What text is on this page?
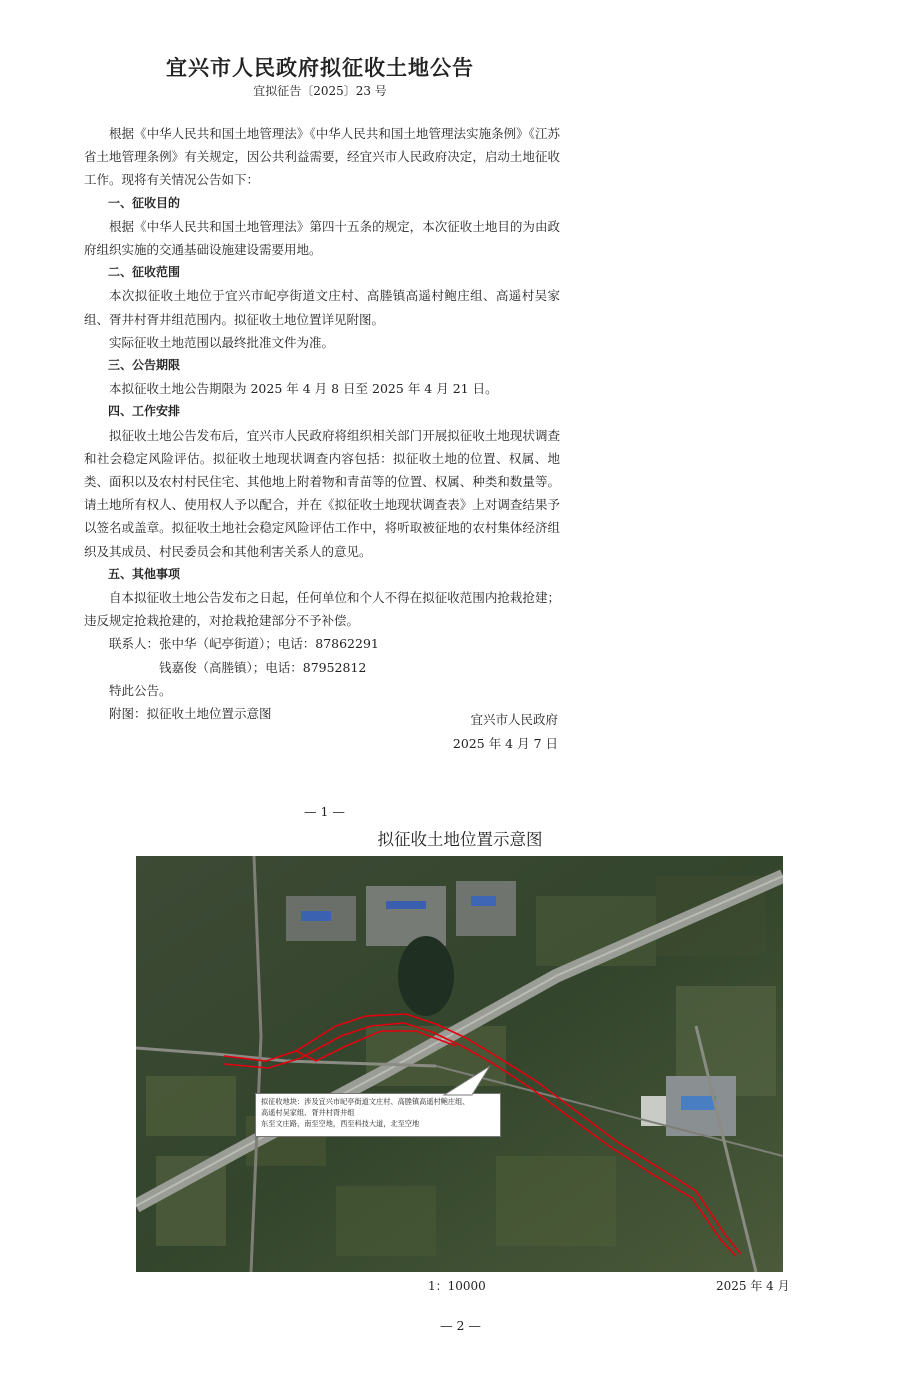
宜兴市人民政府拟征收土地公告
宜拟征告〔2025〕23 号

根据《中华人民共和国土地管理法》《中华人民共和国土地管理法实施条例》《江苏省土地管理条例》有关规定，因公共利益需要，经宜兴市人民政府决定，启动土地征收工作。现将有关情况公告如下：

一、征收目的

根据《中华人民共和国土地管理法》第四十五条的规定，本次征收土地目的为由政府组织实施的交通基础设施建设需要用地。

二、征收范围

本次拟征收土地位于宜兴市屺亭街道文庄村、高塍镇高遥村鲍庄组、高遥村吴家组、胥井村胥井组范围内。拟征收土地位置详见附图。

实际征收土地范围以最终批准文件为准。

三、公告期限

本拟征收土地公告期限为 2025 年 4 月 8 日至 2025 年 4 月 21 日。

四、工作安排

拟征收土地公告发布后，宜兴市人民政府将组织相关部门开展拟征收土地现状调查和社会稳定风险评估。拟征收土地现状调查内容包括：拟征收土地的位置、权属、地类、面积以及农村村民住宅、其他地上附着物和青苗等的位置、权属、种类和数量等。请土地所有权人、使用权人予以配合，并在《拟征收土地现状调查表》上对调查结果予以签名或盖章。拟征收土地社会稳定风险评估工作中，将听取被征地的农村集体经济组织及其成员、村民委员会和其他利害关系人的意见。

五、其他事项

自本拟征收土地公告发布之日起，任何单位和个人不得在拟征收范围内抢栽抢建；违反规定抢栽抢建的，对抢栽抢建部分不予补偿。

联系人：张中华（屺亭街道）；电话：87862291

钱嘉俊（高塍镇）；电话：87952812

特此公告。

附图：拟征收土地位置示意图	宜兴市人民政府
2025 年 4 月 7 日
— 1 —
拟征收土地位置示意图
拟征收地块：涉及宜兴市屺亭街道文庄村、高塍镇高遥村鲍庄组、
高遥村吴家组、胥井村胥井组
东至文庄路，南至空地，西至科技大道，北至空地
1：10000	2025 年 4 月
— 2 —
